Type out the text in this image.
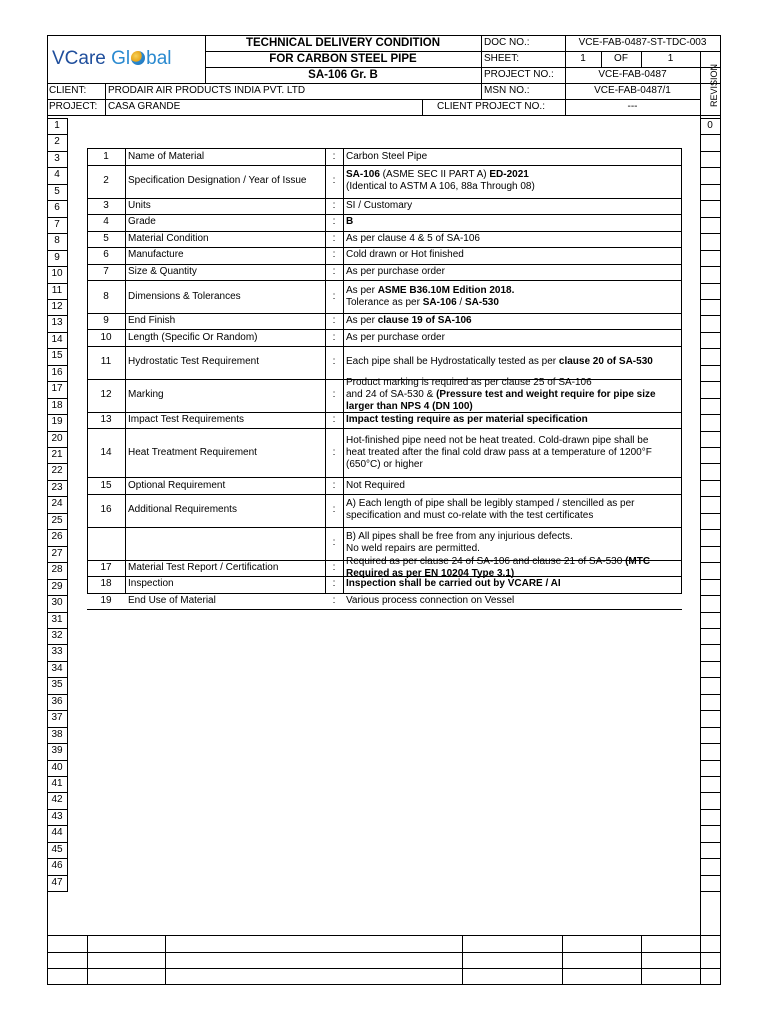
VCare Gl bal
TECHNICAL DELIVERY CONDITION
FOR CARBON STEEL PIPE
SA-106 Gr. B
DOC NO.:	VCE-FAB-0487-ST-TDC-003
SHEET:	1	OF	1
PROJECT NO.:	VCE-FAB-0487
MSN NO.:	VCE-FAB-0487/1
CLIENT: PRODAIR AIR PRODUCTS INDIA PVT. LTD
PROJECT: CASA GRANDE	CLIENT PROJECT NO.:	---	REVISION
1
2
3
4
5
6
7
8
9
10
11
12
13
14
15
16
17
18
19
20
21
22
23
24
25
26
27
28
29
30
31
32
33
34
35
36
37
38
39
40
41
42
43
44
45
46
47
0
1	Name of Material	:	Carbon Steel Pipe
2	Specification Designation / Year of Issue	:
SA-106 (ASME SEC II PART A) ED-2021
(Identical to ASTM A 106, 88a Through 08)
3	Units	:	SI / Customary
4	Grade	:	B
5	Material Condition	:	As per clause 4 & 5 of SA-106
6	Manufacture	:	Cold drawn or Hot finished
7	Size & Quantity	:	As per purchase order
8	Dimensions & Tolerances	:
As per ASME B36.10M Edition 2018.
Tolerance as per SA-106 / SA-530
9	End Finish	:	As per clause 19 of SA-106
10	Length (Specific Or Random)	:	As per purchase order
11	Hydrostatic Test Requirement	:	Each pipe shall be Hydrostatically tested as per clause 20 of SA-530
12	Marking	:
Product marking is required as per clause 25 of SA-106
and 24 of SA-530 & (Pressure test and weight require for pipe size
larger than NPS 4 (DN 100)
13	Impact Test Requirements	:	Impact testing require as per material specification
14	Heat Treatment Requirement	:
Hot-finished pipe need not be heat treated. Cold-drawn pipe shall be
heat treated after the final cold draw pass at a temperature of 1200°F
(650°C) or higher
15	Optional Requirement	:	Not Required
16	Additional Requirements	:
A) Each length of pipe shall be legibly stamped / stencilled as per
specification and must co-relate with the test certificates
:
B) All pipes shall be free from any injurious defects.
No weld repairs are permitted.
17	Material Test Report / Certification	:
Required as per clause 24 of SA-106 and clause 21 of SA-530 (MTC
Required as per EN 10204 Type 3.1)
18	Inspection	:	Inspection shall be carried out by VCARE / AI
19	End Use of Material	:	Various process connection on Vessel
